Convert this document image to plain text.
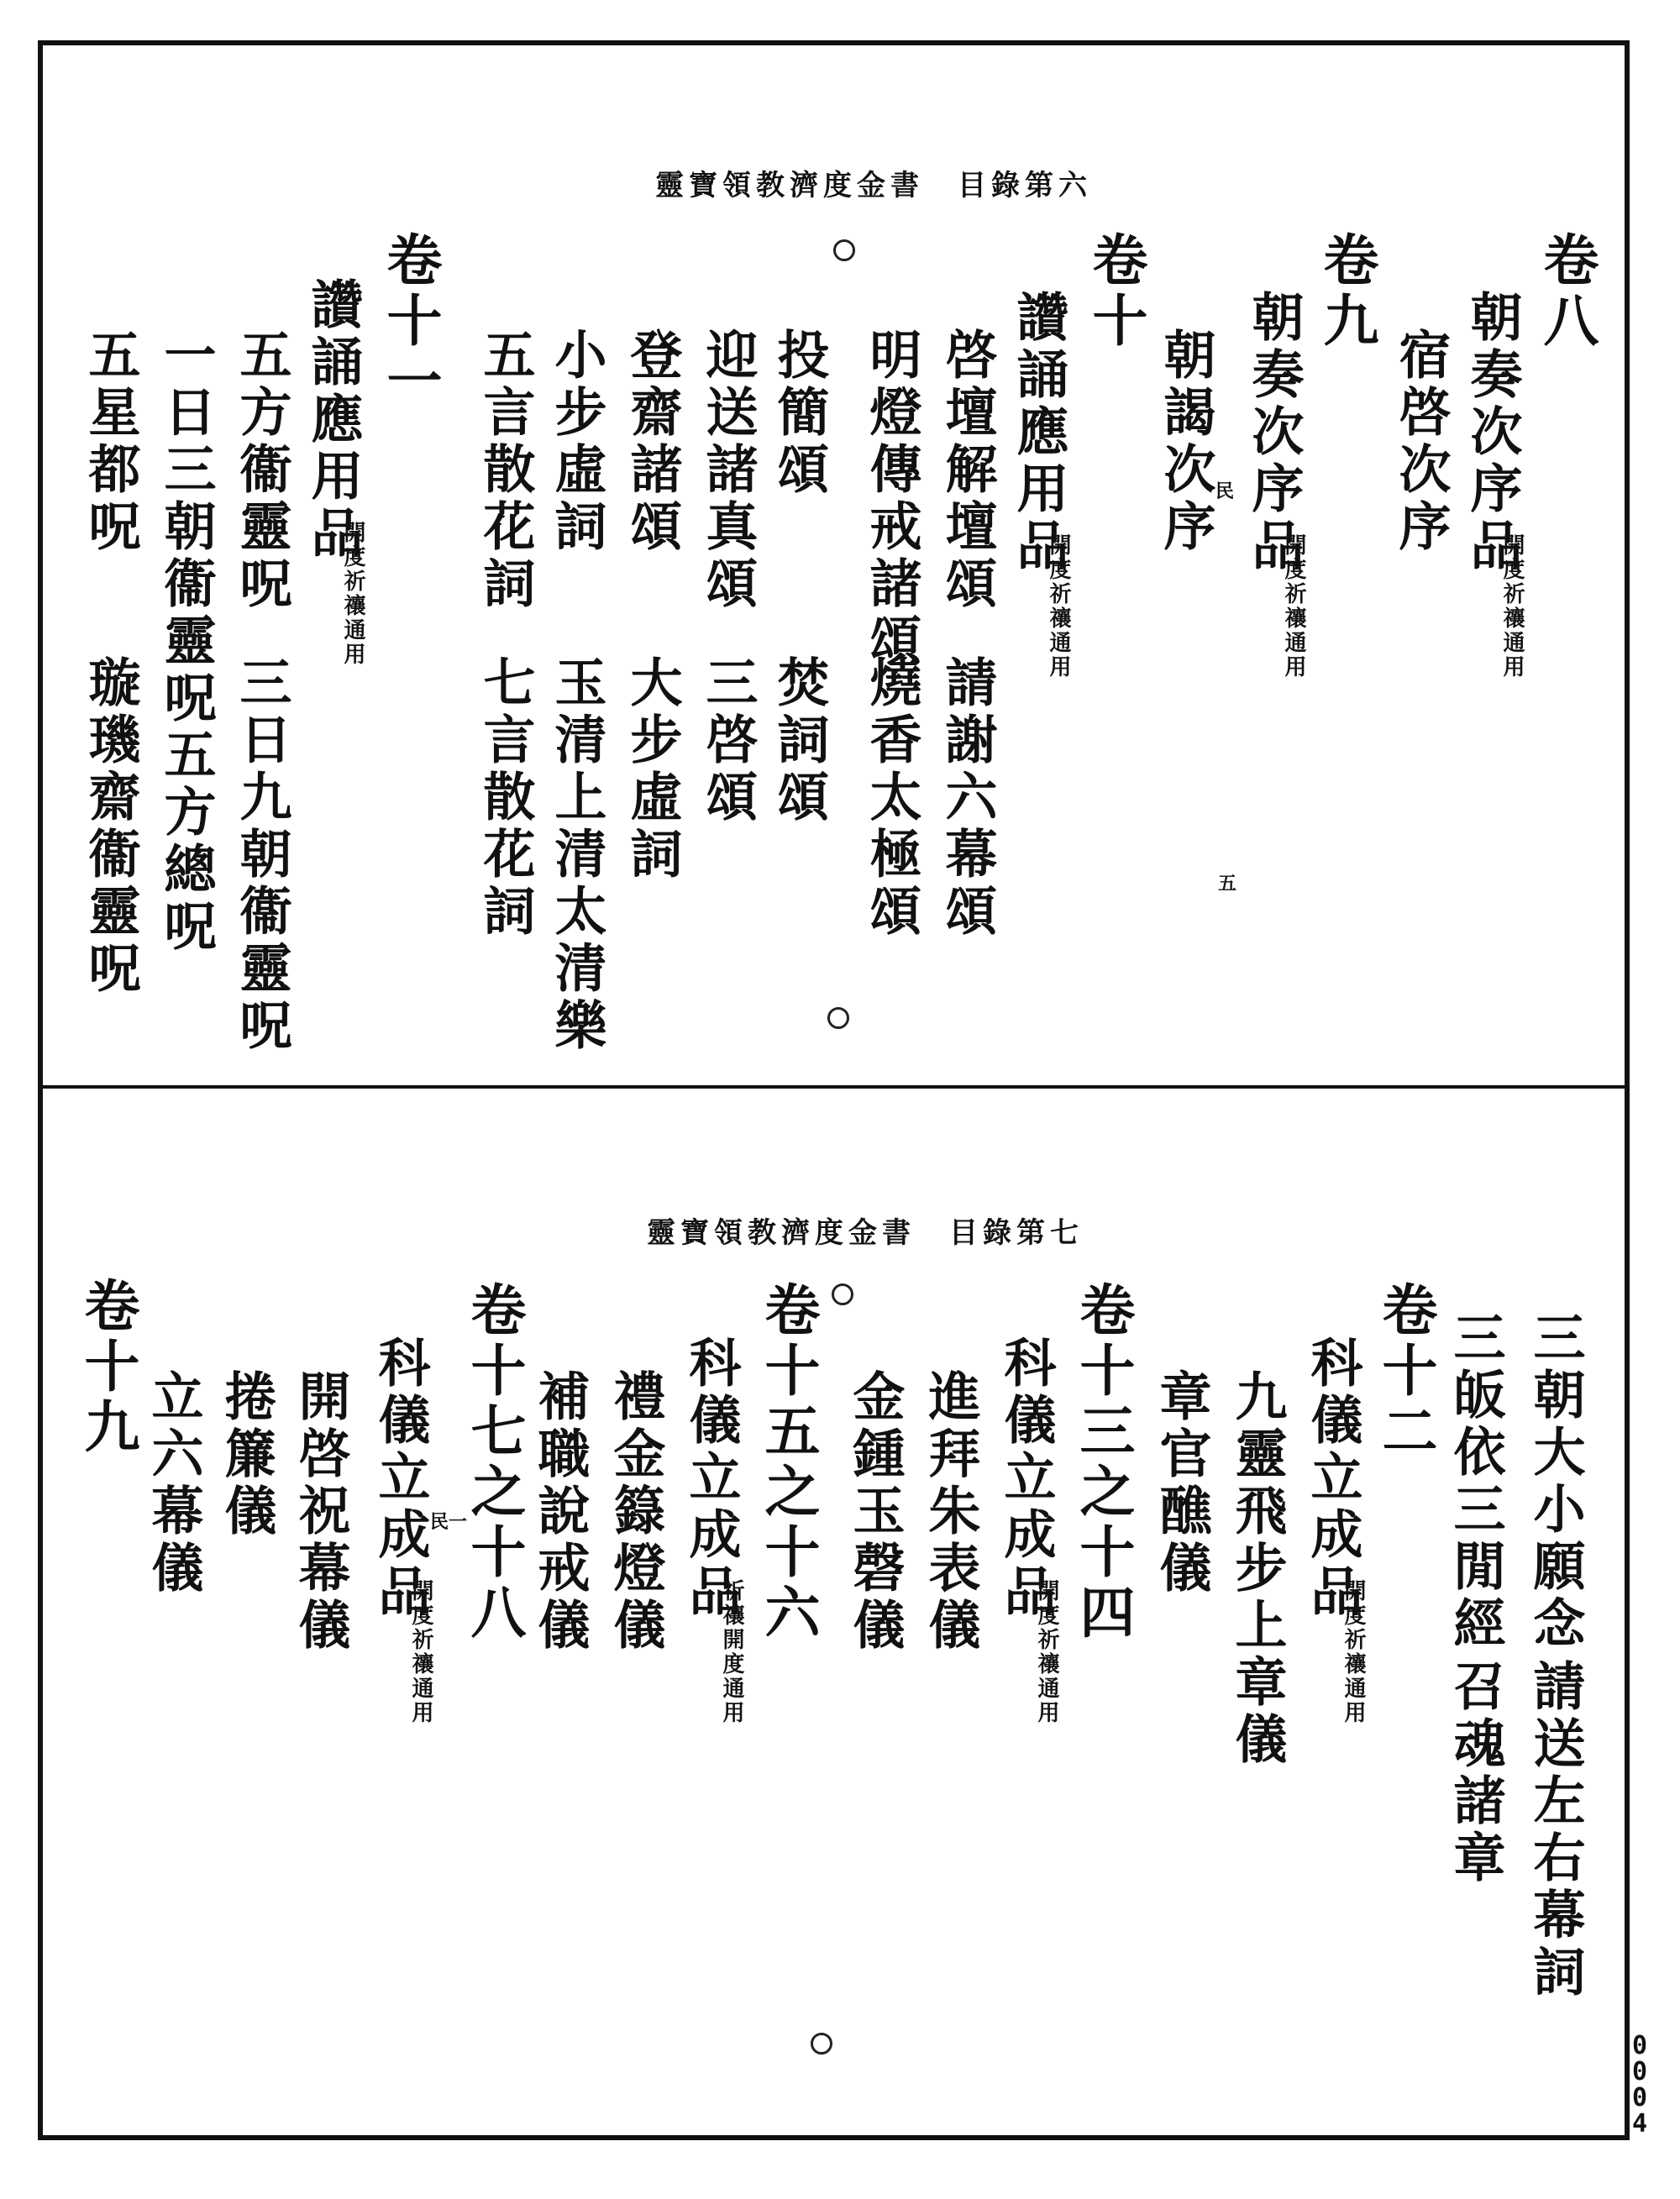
靈寶領教濟度金書　目錄第六
卷八
朝奏次序品
開度祈禳通用
宿啓次序
卷九
朝奏次序品
開度祈禳通用
朝謁次序
卷十
讚誦應用品
開度祈禳通用
啓壇解壇頌
請謝六幕頌
明燈傳戒諸頌
燒香太極頌
投簡頌
焚詞頌
迎送諸真頌
三啓頌
登齋諸頌
大步虛詞
小步虛詞
玉清上清太清樂
五言散花詞
七言散花詞
卷十一
讚誦應用品
開度祈禳通用
五方衞靈呪
三日九朝衞靈呪
一日三朝衞靈呪五方總呪
五星都呪
璇璣齋衞靈呪
民
五
靈寶領教濟度金書　目錄第七
三朝大小願念
請送左右幕詞
三皈依三閒經
召魂諸章
卷十二
科儀立成品
開度祈禳通用
九靈飛步上章儀
章官醮儀
卷十三之十四
科儀立成品
開度祈禳通用
進拜朱表儀
金鍾玉磬儀
卷十五之十六
科儀立成品
祈禳開度通用
禮金籙燈儀
補職說戒儀
卷十七之十八
科儀立成品
開度祈禳通用
開啓祝幕儀
捲簾儀
立六幕儀
卷十九
民一
0
0
0
4
